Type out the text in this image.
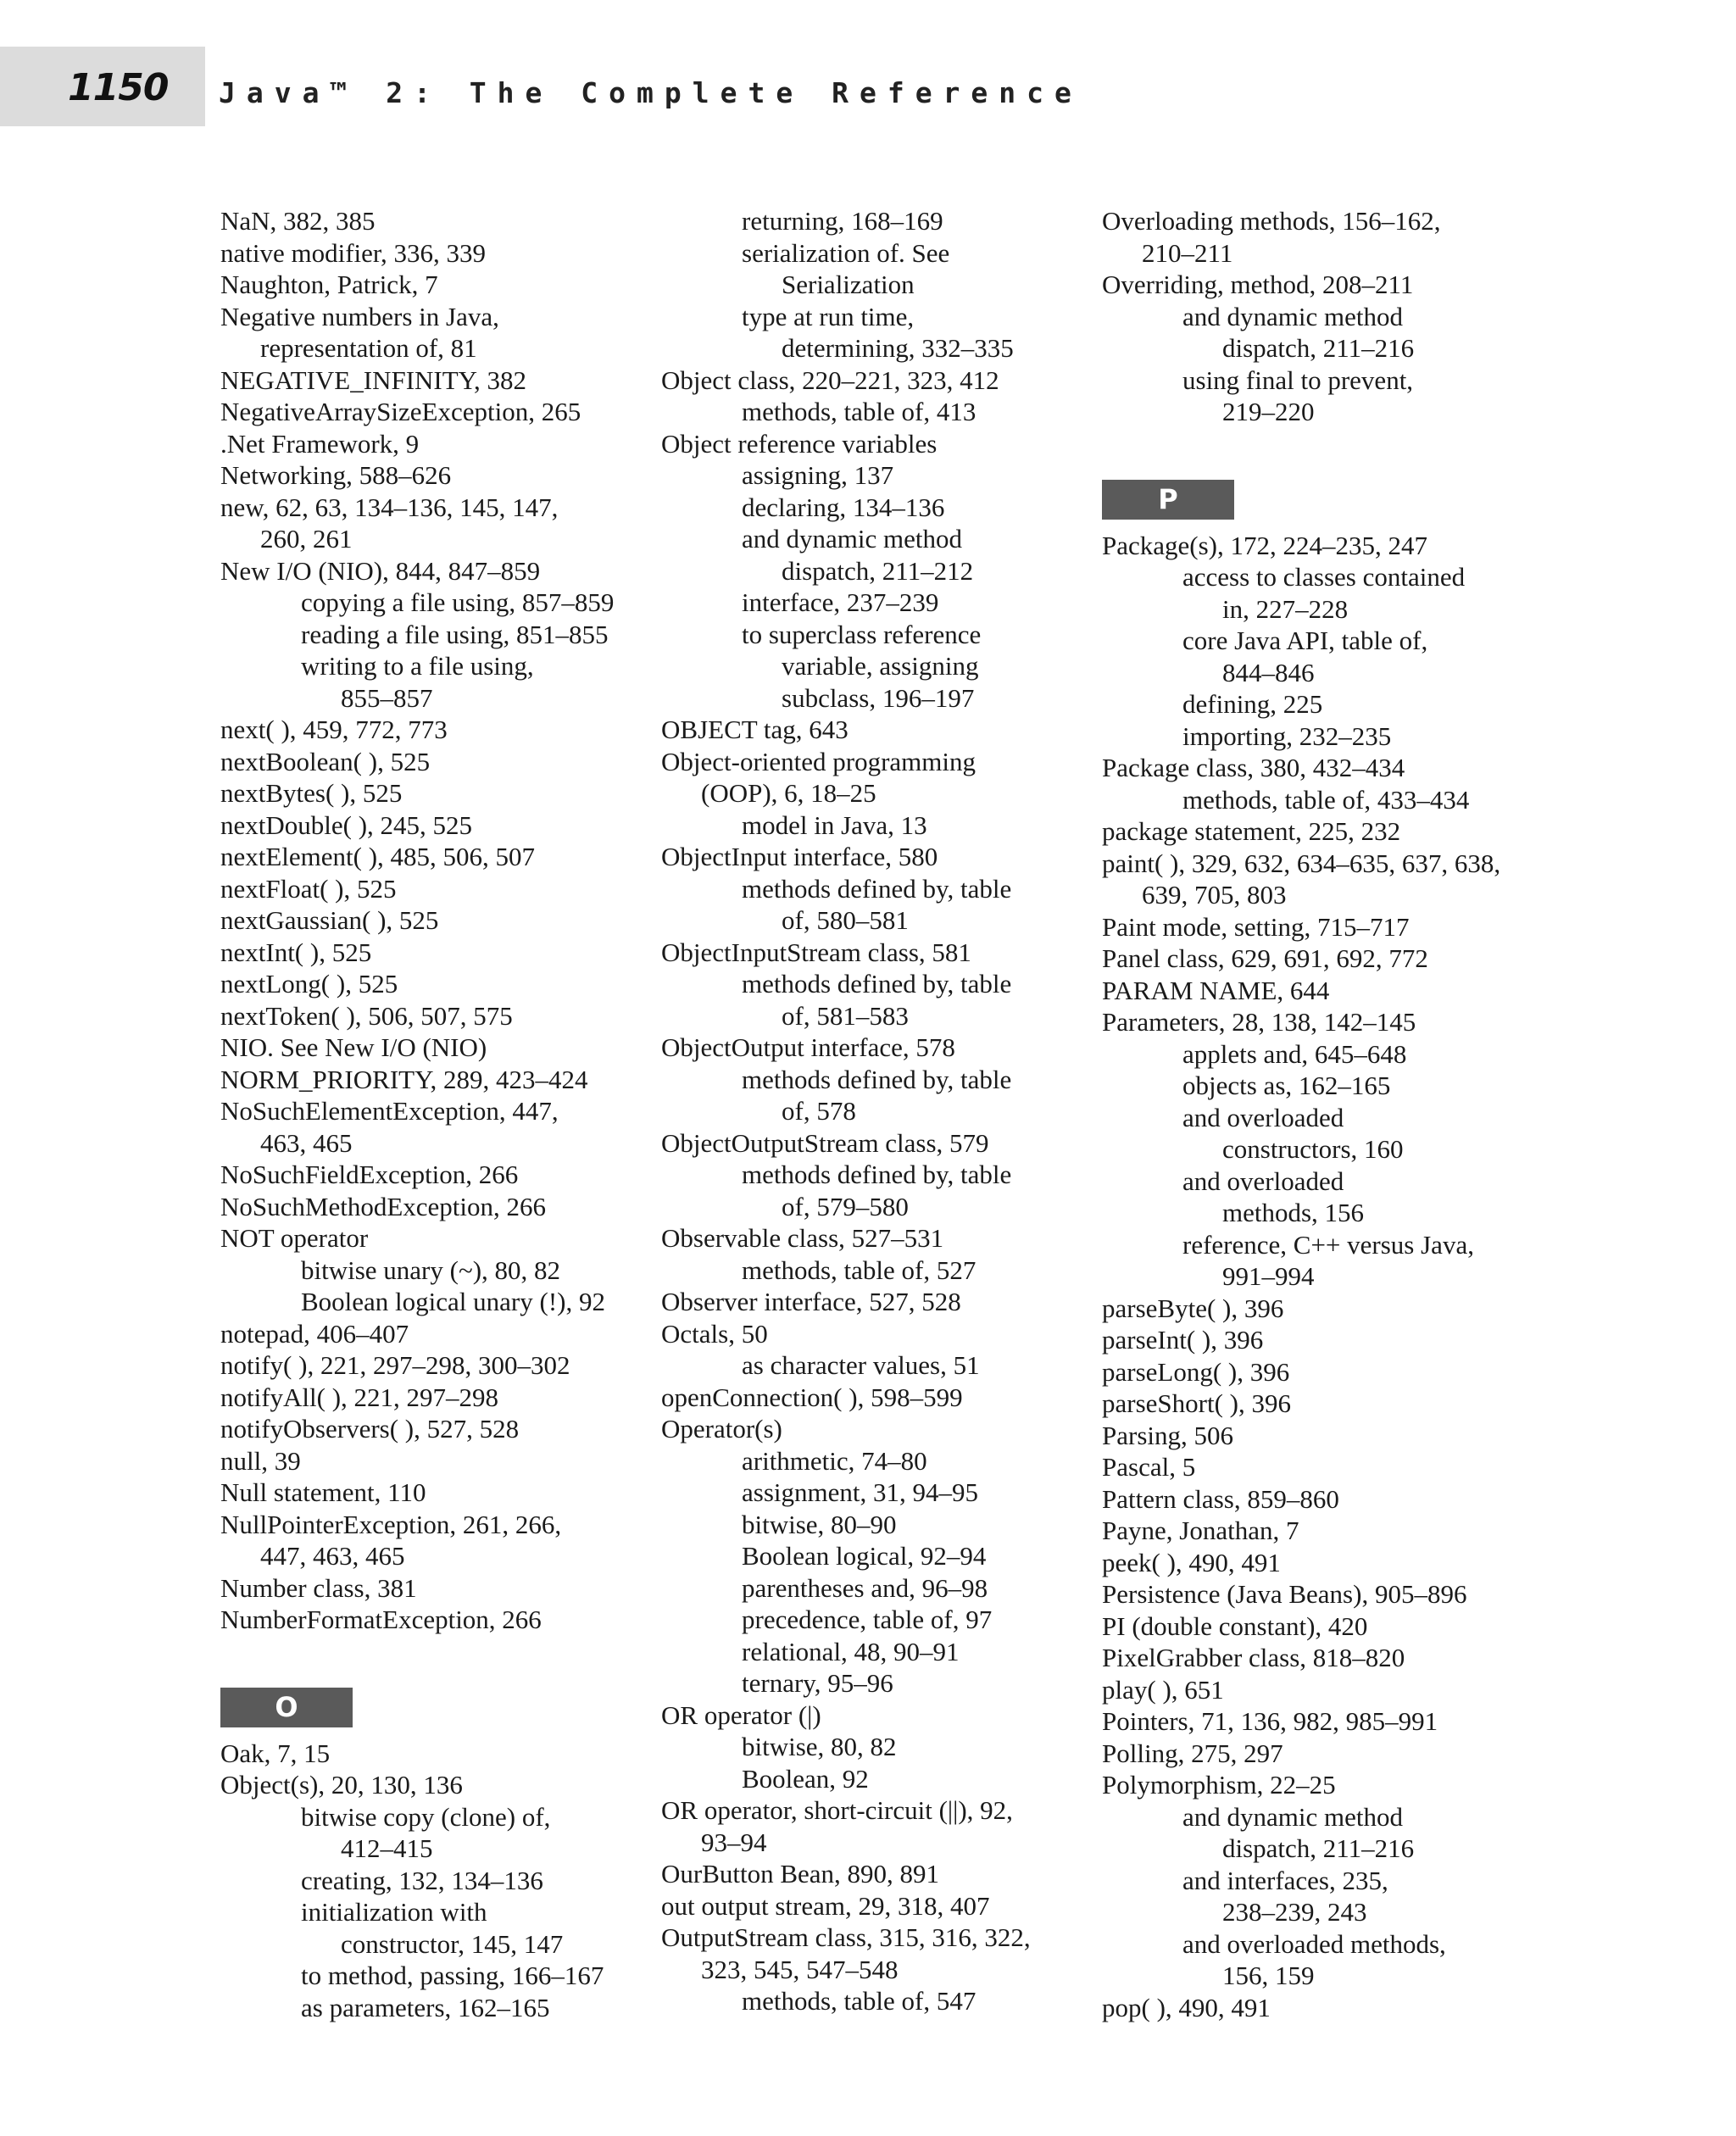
1150 Java™ 2: The Complete Reference
NaN, 382, 385
native modifier, 336, 339
Naughton, Patrick, 7
Negative numbers in Java,
representation of, 81
NEGATIVE_INFINITY, 382
NegativeArraySizeException, 265
.Net Framework, 9
Networking, 588–626
new, 62, 63, 134–136, 145, 147,
260, 261
New I/O (NIO), 844, 847–859
copying a file using, 857–859
reading a file using, 851–855
writing to a file using,
855–857
next( ), 459, 772, 773
nextBoolean( ), 525
nextBytes( ), 525
nextDouble( ), 245, 525
nextElement( ), 485, 506, 507
nextFloat( ), 525
nextGaussian( ), 525
nextInt( ), 525
nextLong( ), 525
nextToken( ), 506, 507, 575
NIO. See New I/O (NIO)
NORM_PRIORITY, 289, 423–424
NoSuchElementException, 447,
463, 465
NoSuchFieldException, 266
NoSuchMethodException, 266
NOT operator
bitwise unary (~), 80, 82
Boolean logical unary (!), 92
notepad, 406–407
notify( ), 221, 297–298, 300–302
notifyAll( ), 221, 297–298
notifyObservers( ), 527, 528
null, 39
Null statement, 110
NullPointerException, 261, 266,
447, 463, 465
Number class, 381
NumberFormatException, 266
O
Oak, 7, 15
Object(s), 20, 130, 136
bitwise copy (clone) of,
412–415
creating, 132, 134–136
initialization with
constructor, 145, 147
to method, passing, 166–167
as parameters, 162–165
returning, 168–169
serialization of. See
Serialization
type at run time,
determining, 332–335
Object class, 220–221, 323, 412
methods, table of, 413
Object reference variables
assigning, 137
declaring, 134–136
and dynamic method
dispatch, 211–212
interface, 237–239
to superclass reference
variable, assigning
subclass, 196–197
OBJECT tag, 643
Object-oriented programming
(OOP), 6, 18–25
model in Java, 13
ObjectInput interface, 580
methods defined by, table
of, 580–581
ObjectInputStream class, 581
methods defined by, table
of, 581–583
ObjectOutput interface, 578
methods defined by, table
of, 578
ObjectOutputStream class, 579
methods defined by, table
of, 579–580
Observable class, 527–531
methods, table of, 527
Observer interface, 527, 528
Octals, 50
as character values, 51
openConnection( ), 598–599
Operator(s)
arithmetic, 74–80
assignment, 31, 94–95
bitwise, 80–90
Boolean logical, 92–94
parentheses and, 96–98
precedence, table of, 97
relational, 48, 90–91
ternary, 95–96
OR operator (|)
bitwise, 80, 82
Boolean, 92
OR operator, short-circuit (||), 92,
93–94
OurButton Bean, 890, 891
out output stream, 29, 318, 407
OutputStream class, 315, 316, 322,
323, 545, 547–548
methods, table of, 547
Overloading methods, 156–162,
210–211
Overriding, method, 208–211
and dynamic method
dispatch, 211–216
using final to prevent,
219–220
P
Package(s), 172, 224–235, 247
access to classes contained
in, 227–228
core Java API, table of,
844–846
defining, 225
importing, 232–235
Package class, 380, 432–434
methods, table of, 433–434
package statement, 225, 232
paint( ), 329, 632, 634–635, 637, 638,
639, 705, 803
Paint mode, setting, 715–717
Panel class, 629, 691, 692, 772
PARAM NAME, 644
Parameters, 28, 138, 142–145
applets and, 645–648
objects as, 162–165
and overloaded
constructors, 160
and overloaded
methods, 156
reference, C++ versus Java,
991–994
parseByte( ), 396
parseInt( ), 396
parseLong( ), 396
parseShort( ), 396
Parsing, 506
Pascal, 5
Pattern class, 859–860
Payne, Jonathan, 7
peek( ), 490, 491
Persistence (Java Beans), 905–896
PI (double constant), 420
PixelGrabber class, 818–820
play( ), 651
Pointers, 71, 136, 982, 985–991
Polling, 275, 297
Polymorphism, 22–25
and dynamic method
dispatch, 211–216
and interfaces, 235,
238–239, 243
and overloaded methods,
156, 159
pop( ), 490, 491
